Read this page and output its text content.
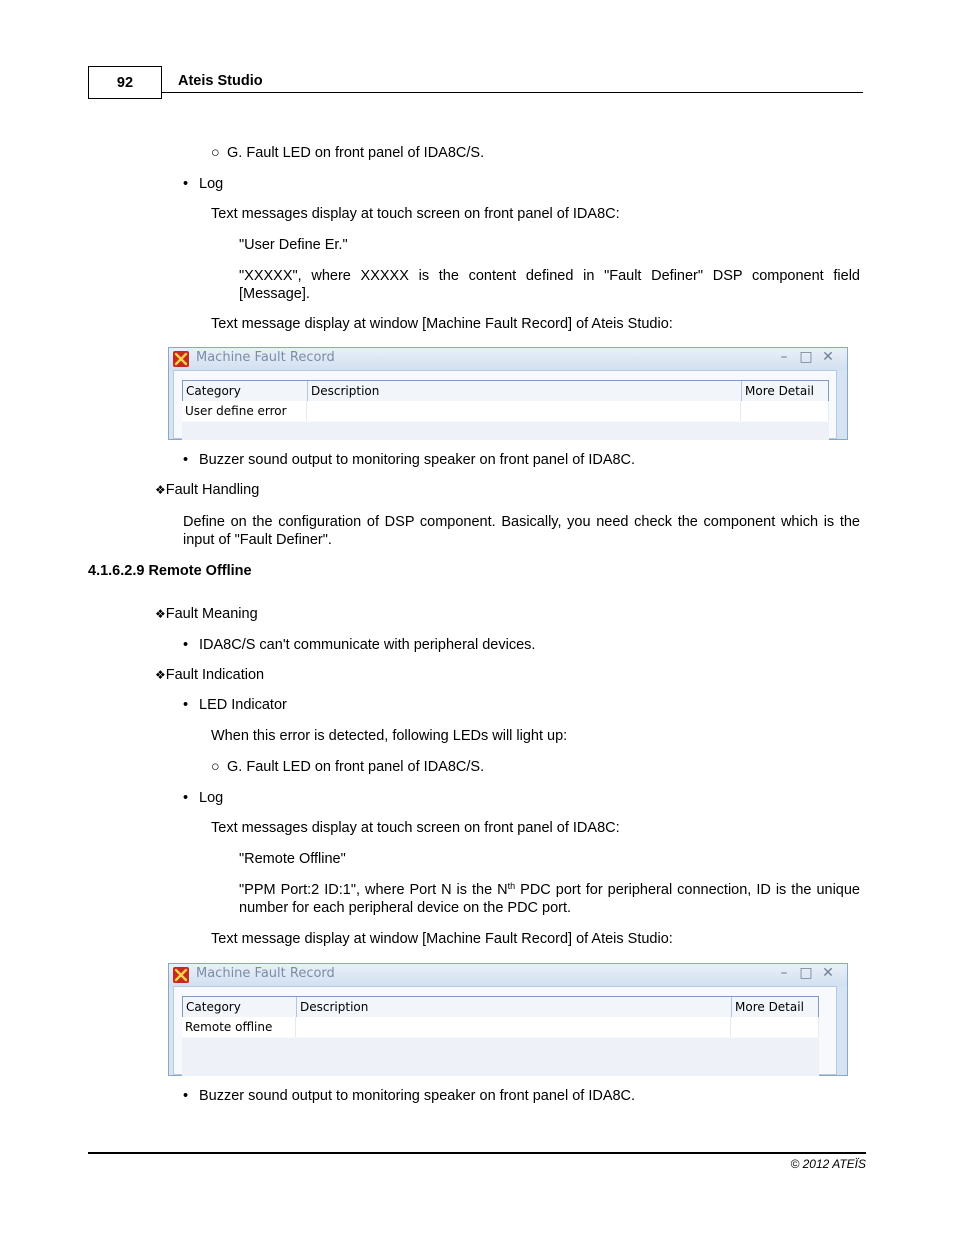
92	Ateis Studio
○ G. Fault LED on front panel of IDA8C/S.
• Log
Text messages display at touch screen on front panel of IDA8C:
"User Define Er."
"XXXXX", where XXXXX is the content defined in "Fault Definer" DSP component field [Message].
Text message display at window [Machine Fault Record] of Ateis Studio:
Machine Fault Record	– □ ✕
Category	Description	More Detail
User define error
• Buzzer sound output to monitoring speaker on front panel of IDA8C.
❖Fault Handling
Define on the configuration of DSP component. Basically, you need check the component which is the input of "Fault Definer".
4.1.6.2.9 Remote Offline
❖Fault Meaning
• IDA8C/S can't communicate with peripheral devices.
❖Fault Indication
• LED Indicator
When this error is detected, following LEDs will light up:
○ G. Fault LED on front panel of IDA8C/S.
• Log
Text messages display at touch screen on front panel of IDA8C:
"Remote Offline"
"PPM Port:2 ID:1", where Port N is the $N^{th}$ PDC port for peripheral connection, ID is the unique number for each peripheral device on the PDC port.
Text message display at window [Machine Fault Record] of Ateis Studio:
Machine Fault Record	– □ ✕
Category	Description	More Detail
Remote offline
• Buzzer sound output to monitoring speaker on front panel of IDA8C.
© 2012 ATEÏS
